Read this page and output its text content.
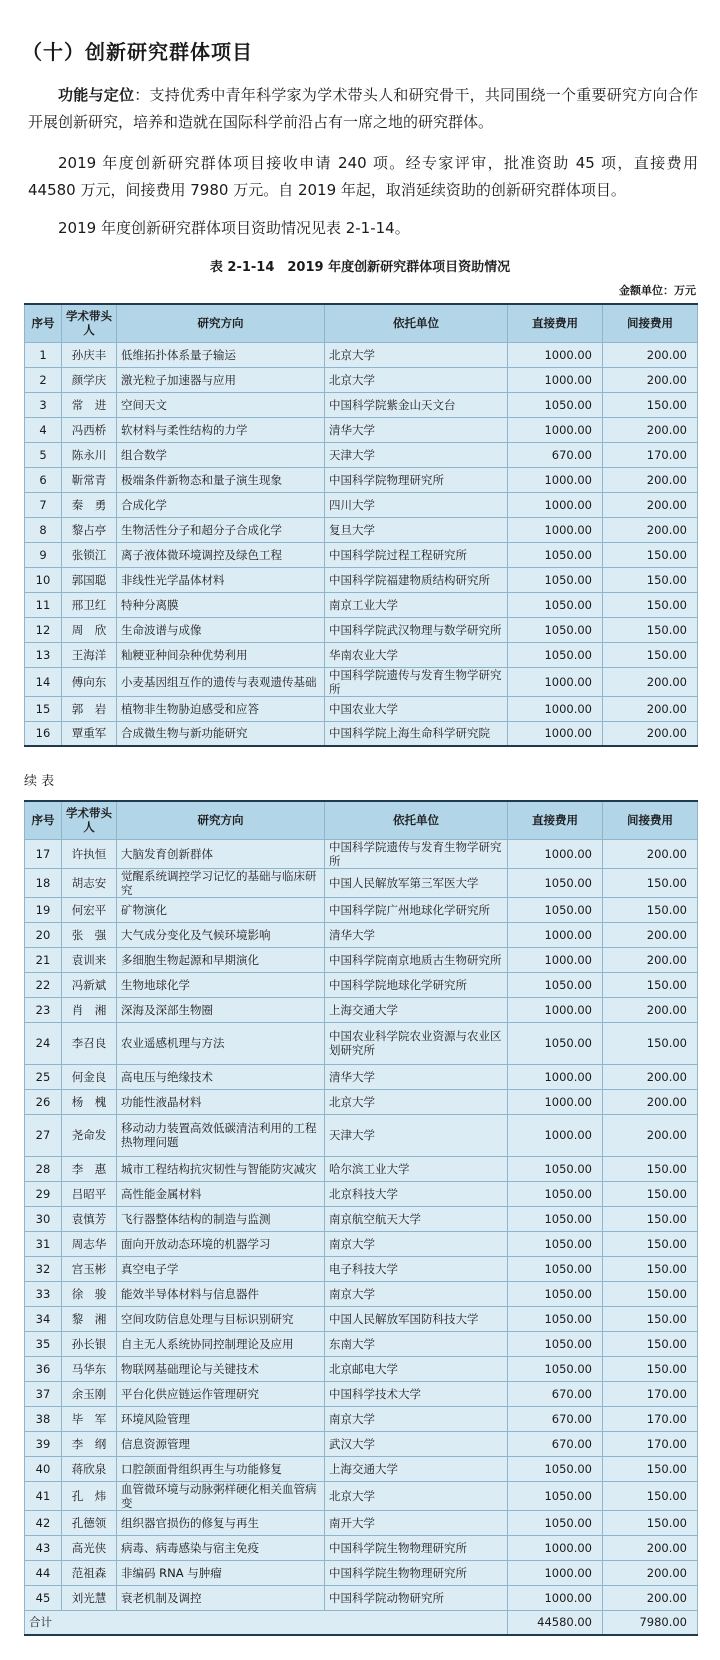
（十）创新研究群体项目

功能与定位：支持优秀中青年科学家为学术带头人和研究骨干，共同围绕一个重要研究方向合作开展创新研究，培养和造就在国际科学前沿占有一席之地的研究群体。

2019 年度创新研究群体项目接收申请 240 项。经专家评审，批准资助 45 项，直接费用 44580 万元，间接费用 7980 万元。自 2019 年起，取消延续资助的创新研究群体项目。

2019 年度创新研究群体项目资助情况见表 2-1-14。

表 2-1-14　2019 年度创新研究群体项目资助情况
金额单位：万元
序号	学术带头人	研究方向	依托单位	直接费用	间接费用
1	孙庆丰	低维拓扑体系量子输运	北京大学	1000.00	200.00
2	颜学庆	激光粒子加速器与应用	北京大学	1000.00	200.00
3	常　进	空间天文	中国科学院紫金山天文台	1050.00	150.00
4	冯西桥	软材料与柔性结构的力学	清华大学	1000.00	200.00
5	陈永川	组合数学	天津大学	670.00	170.00
6	靳常青	极端条件新物态和量子演生现象	中国科学院物理研究所	1000.00	200.00
7	秦　勇	合成化学	四川大学	1000.00	200.00
8	黎占亭	生物活性分子和超分子合成化学	复旦大学	1000.00	200.00
9	张锁江	离子液体微环境调控及绿色工程	中国科学院过程工程研究所	1050.00	150.00
10	郭国聪	非线性光学晶体材料	中国科学院福建物质结构研究所	1050.00	150.00
11	邢卫红	特种分离膜	南京工业大学	1050.00	150.00
12	周　欣	生命波谱与成像	中国科学院武汉物理与数学研究所	1050.00	150.00
13	王海洋	籼粳亚种间杂种优势利用	华南农业大学	1050.00	150.00
14	傅向东	小麦基因组互作的遗传与表观遗传基础	中国科学院遗传与发育生物学研究所	1000.00	200.00
15	郭　岩	植物非生物胁迫感受和应答	中国农业大学	1000.00	200.00
16	覃重军	合成微生物与新功能研究	中国科学院上海生命科学研究院	1000.00	200.00
续 表
序号	学术带头人	研究方向	依托单位	直接费用	间接费用
17	许执恒	大脑发育创新群体	中国科学院遗传与发育生物学研究所	1000.00	200.00
18	胡志安	觉醒系统调控学习记忆的基础与临床研究	中国人民解放军第三军医大学	1050.00	150.00
19	何宏平	矿物演化	中国科学院广州地球化学研究所	1050.00	150.00
20	张　强	大气成分变化及气候环境影响	清华大学	1000.00	200.00
21	袁训来	多细胞生物起源和早期演化	中国科学院南京地质古生物研究所	1000.00	200.00
22	冯新斌	生物地球化学	中国科学院地球化学研究所	1050.00	150.00
23	肖　湘	深海及深部生物圈	上海交通大学	1000.00	200.00
24	李召良	农业遥感机理与方法	中国农业科学院农业资源与农业区划研究所	1050.00	150.00
25	何金良	高电压与绝缘技术	清华大学	1000.00	200.00
26	杨　槐	功能性液晶材料	北京大学	1000.00	200.00
27	尧命发	移动动力装置高效低碳清洁利用的工程热物理问题	天津大学	1000.00	200.00
28	李　惠	城市工程结构抗灾韧性与智能防灾减灾	哈尔滨工业大学	1050.00	150.00
29	吕昭平	高性能金属材料	北京科技大学	1050.00	150.00
30	袁慎芳	飞行器整体结构的制造与监测	南京航空航天大学	1050.00	150.00
31	周志华	面向开放动态环境的机器学习	南京大学	1050.00	150.00
32	宫玉彬	真空电子学	电子科技大学	1050.00	150.00
33	徐　骏	能效半导体材料与信息器件	南京大学	1050.00	150.00
34	黎　湘	空间攻防信息处理与目标识别研究	中国人民解放军国防科技大学	1050.00	150.00
35	孙长银	自主无人系统协同控制理论及应用	东南大学	1050.00	150.00
36	马华东	物联网基础理论与关键技术	北京邮电大学	1050.00	150.00
37	余玉刚	平台化供应链运作管理研究	中国科学技术大学	670.00	170.00
38	毕　军	环境风险管理	南京大学	670.00	170.00
39	李　纲	信息资源管理	武汉大学	670.00	170.00
40	蒋欣泉	口腔颌面骨组织再生与功能修复	上海交通大学	1050.00	150.00
41	孔　炜	血管微环境与动脉粥样硬化相关血管病变	北京大学	1050.00	150.00
42	孔德领	组织器官损伤的修复与再生	南开大学	1050.00	150.00
43	高光侠	病毒、病毒感染与宿主免疫	中国科学院生物物理研究所	1000.00	200.00
44	范祖森	非编码 RNA 与肿瘤	中国科学院生物物理研究所	1000.00	200.00
45	刘光慧	衰老机制及调控	中国科学院动物研究所	1000.00	200.00
合计				44580.00	7980.00
